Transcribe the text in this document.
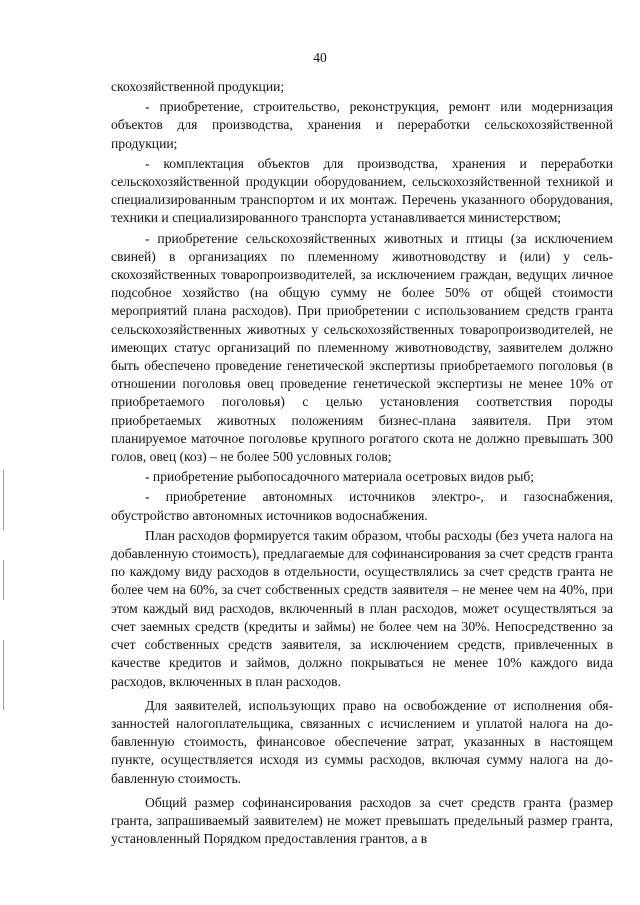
40

скохозяйственной продукции;

- приобретение, строительство, реконструкция, ремонт или модернизация объектов для производства, хранения и переработки сельскохозяйственной продукции;

- комплектация объектов для производства, хранения и переработки сельскохозяйственной продукции оборудованием, сельскохозяйственной техникой и специализированным транспортом и их монтаж. Перечень указанного оборудования, техники и специализированного транспорта устанавливается министерством;

- приобретение сельскохозяйственных животных и птицы (за исключением свиней) в организациях по племенному животноводству и (или) у сельскохозяйственных товаропроизводителей, за исключением граждан, ведущих личное подсобное хозяйство (на общую сумму не более 50% от общей стоимости мероприятий плана расходов). При приобретении с использованием средств гранта сельскохозяйственных животных у сельскохозяйственных товаропроизводителей, не имеющих статус организаций по племенному животноводству, заявителем должно быть обеспечено проведение генетической экспертизы приобретаемого поголовья (в отношении поголовья овец проведение генетической экспертизы не менее 10% от приобретаемого поголовья) с целью установления соответствия породы приобретаемых животных положениям бизнес-плана заявителя. При этом планируемое маточное поголовье крупного рогатого скота не должно превышать 300 голов, овец (коз) – не более 500 условных голов;

- приобретение рыбопосадочного материала осетровых видов рыб;

- приобретение автономных источников электро-, и газоснабжения, обустройство автономных источников водоснабжения.

План расходов формируется таким образом, чтобы расходы (без учета налога на добавленную стоимость), предлагаемые для софинансирования за счет средств гранта по каждому виду расходов в отдельности, осуществлялись за счет средств гранта не более чем на 60%, за счет собственных средств заявителя – не менее чем на 40%, при этом каждый вид расходов, включенный в план расходов, может осуществляться за счет заемных средств (кредиты и займы) не более чем на 30%. Непосредственно за счет собственных средств заявителя, за исключением средств, привлеченных в качестве кредитов и займов, должно покрываться не менее 10% каждого вида расходов, включенных в план расходов.

Для заявителей, использующих право на освобождение от исполнения обязанностей налогоплательщика, связанных с исчислением и уплатой налога на добавленную стоимость, финансовое обеспечение затрат, указанных в настоящем пункте, осуществляется исходя из суммы расходов, включая сумму налога на добавленную стоимость.

Общий размер софинансирования расходов за счет средств гранта (размер гранта, запрашиваемый заявителем) не может превышать предельный размер гранта, установленный Порядком предоставления грантов, а в
